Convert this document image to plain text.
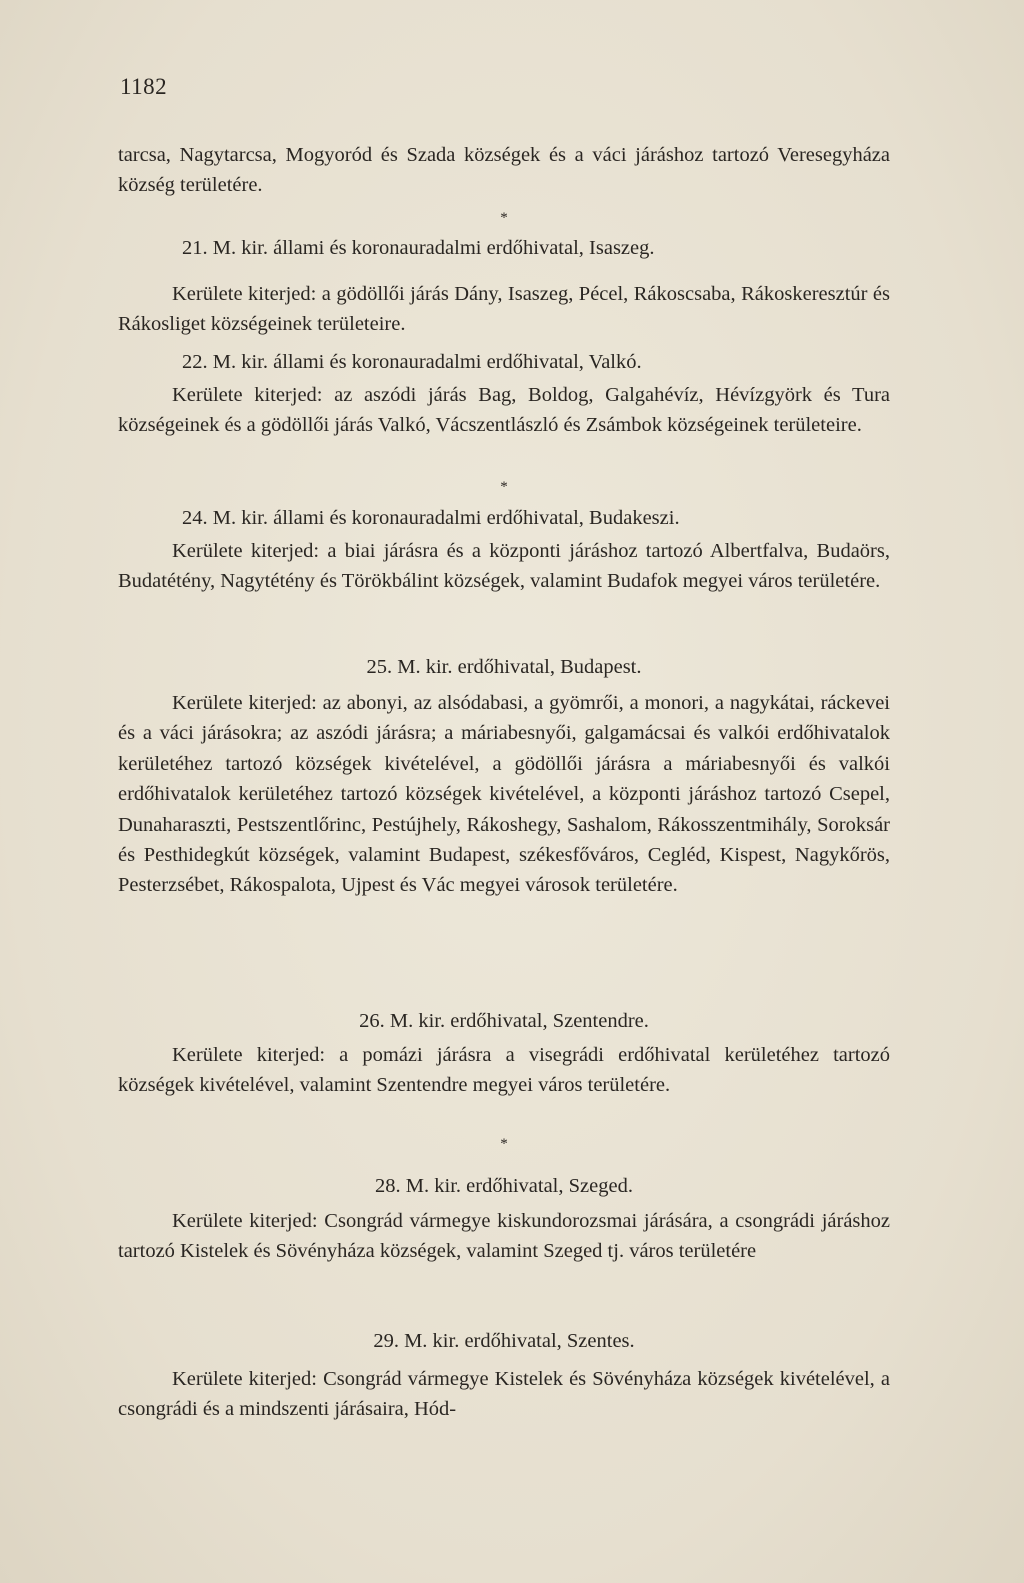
1182

tarcsa, Nagytarcsa, Mogyoród és Szada községek és a váci járáshoz tartozó Veresegyháza község területére.

*
21. M. kir. állami és koronauradalmi erdőhivatal, Isaszeg.

Kerülete kiterjed: a gödöllői járás Dány, Isaszeg, Pécel, Rákoscsaba, Rákoskeresztúr és Rákosliget községeinek területeire.

22. M. kir. állami és koronauradalmi erdőhivatal, Valkó.

Kerülete kiterjed: az aszódi járás Bag, Boldog, Galgahévíz, Hévízgyörk és Tura községeinek és a gödöllői járás Valkó, Vácszentlászló és Zsámbok községeinek területeire.

*
24. M. kir. állami és koronauradalmi erdőhivatal, Budakeszi.

Kerülete kiterjed: a biai járásra és a központi járáshoz tartozó Albertfalva, Budaörs, Budatétény, Nagytétény és Törökbálint községek, valamint Budafok megyei város területére.

25. M. kir. erdőhivatal, Budapest.

Kerülete kiterjed: az abonyi, az alsódabasi, a gyömrői, a monori, a nagykátai, ráckevei és a váci járásokra; az aszódi járásra; a máriabesnyői, galgamácsai és valkói erdőhivatalok kerületéhez tartozó községek kivételével, a gödöllői járásra a máriabesnyői és valkói erdőhivatalok kerületéhez tartozó községek kivételével, a központi járáshoz tartozó Csepel, Dunaharaszti, Pestszentlőrinc, Pestújhely, Rákoshegy, Sashalom, Rákosszentmihály, Soroksár és Pesthidegkút községek, valamint Budapest, székesfőváros, Cegléd, Kispest, Nagykőrös, Pesterzsébet, Rákospalota, Ujpest és Vác megyei városok területére.

26. M. kir. erdőhivatal, Szentendre.

Kerülete kiterjed: a pomázi járásra a visegrádi erdőhivatal kerületéhez tartozó községek kivételével, valamint Szentendre megyei város területére.

*
28. M. kir. erdőhivatal, Szeged.

Kerülete kiterjed: Csongrád vármegye kiskundorozsmai járására, a csongrádi járáshoz tartozó Kistelek és Sövényháza községek, valamint Szeged tj. város területére

29. M. kir. erdőhivatal, Szentes.

Kerülete kiterjed: Csongrád vármegye Kistelek és Sövényháza községek kivételével, a csongrádi és a mindszenti járásaira, Hód-
